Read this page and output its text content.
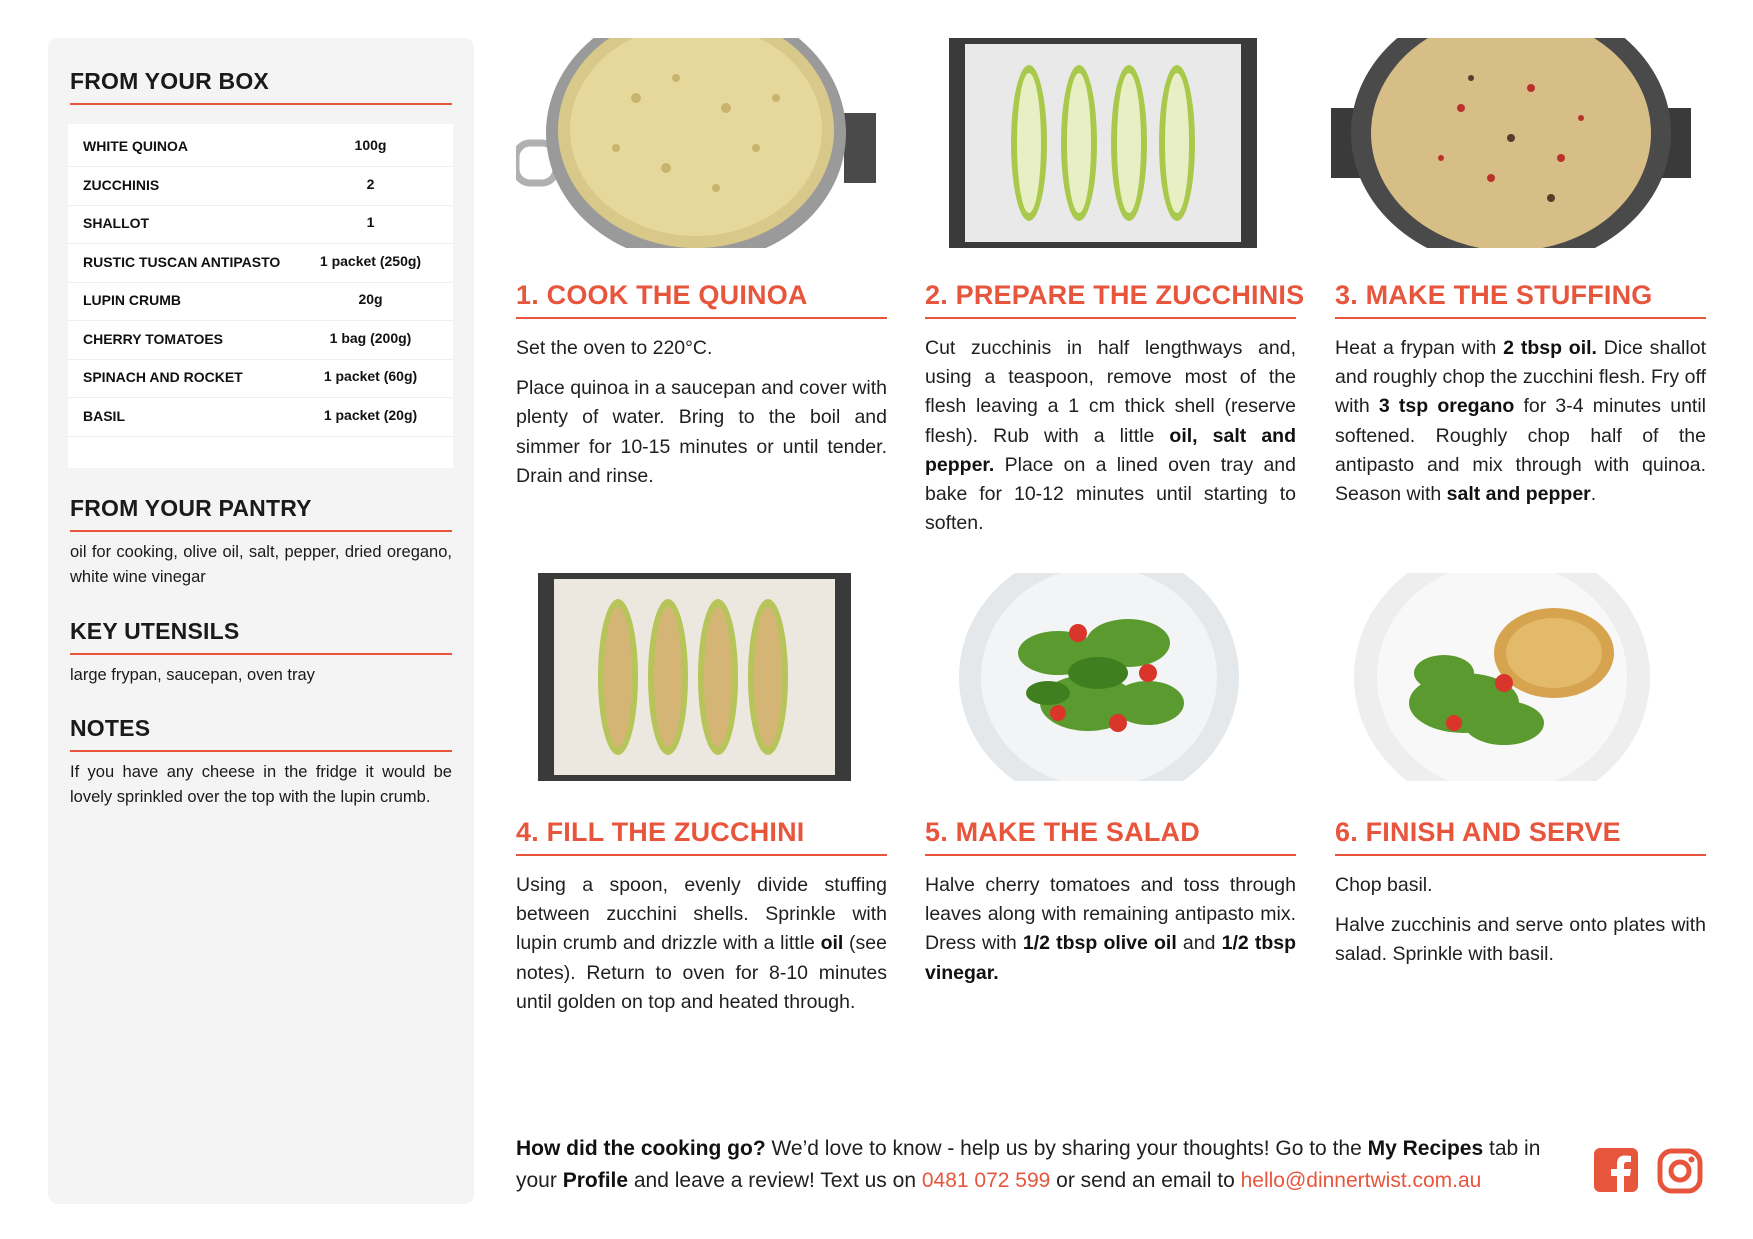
FROM YOUR BOX
WHITE QUINOA	100g
ZUCCHINIS	2
SHALLOT	1
RUSTIC TUSCAN ANTIPASTO	1 packet (250g)
LUPIN CRUMB	20g
CHERRY TOMATOES	1 bag (200g)
SPINACH AND ROCKET	1 packet (60g)
BASIL	1 packet (20g)
FROM YOUR PANTRY
oil for cooking, olive oil, salt, pepper, dried oregano, white wine vinegar
KEY UTENSILS
large frypan, saucepan, oven tray
NOTES
If you have any cheese in the fridge it would be lovely sprinkled over the top with the lupin crumb.
1. COOK THE QUINOA

Set the oven to 220°C.

Place quinoa in a saucepan and cover with plenty of water. Bring to the boil and simmer for 10-15 minutes or until tender. Drain and rinse.

2. PREPARE THE ZUCCHINIS

Cut zucchinis in half lengthways and, using a teaspoon, remove most of the flesh leaving a 1 cm thick shell (reserve flesh). Rub with a little oil, salt and pepper. Place on a lined oven tray and bake for 10-12 minutes until starting to soften.

3. MAKE THE STUFFING

Heat a frypan with 2 tbsp oil. Dice shallot and roughly chop the zucchini flesh. Fry off with 3 tsp oregano for 3-4 minutes until softened. Roughly chop half of the antipasto and mix through with quinoa. Season with salt and pepper.

4. FILL THE ZUCCHINI

Using a spoon, evenly divide stuffing between zucchini shells. Sprinkle with lupin crumb and drizzle with a little oil (see notes). Return to oven for 8-10 minutes until golden on top and heated through.

5. MAKE THE SALAD

Halve cherry tomatoes and toss through leaves along with remaining antipasto mix. Dress with 1/2 tbsp olive oil and 1/2 tbsp vinegar.

6. FINISH AND SERVE

Chop basil.

Halve zucchinis and serve onto plates with salad. Sprinkle with basil.

How did the cooking go? We’d love to know - help us by sharing your thoughts! Go to the My Recipes tab in your Profile and leave a review! Text us on 0481 072 599 or send an email to hello@dinnertwist.com.au
